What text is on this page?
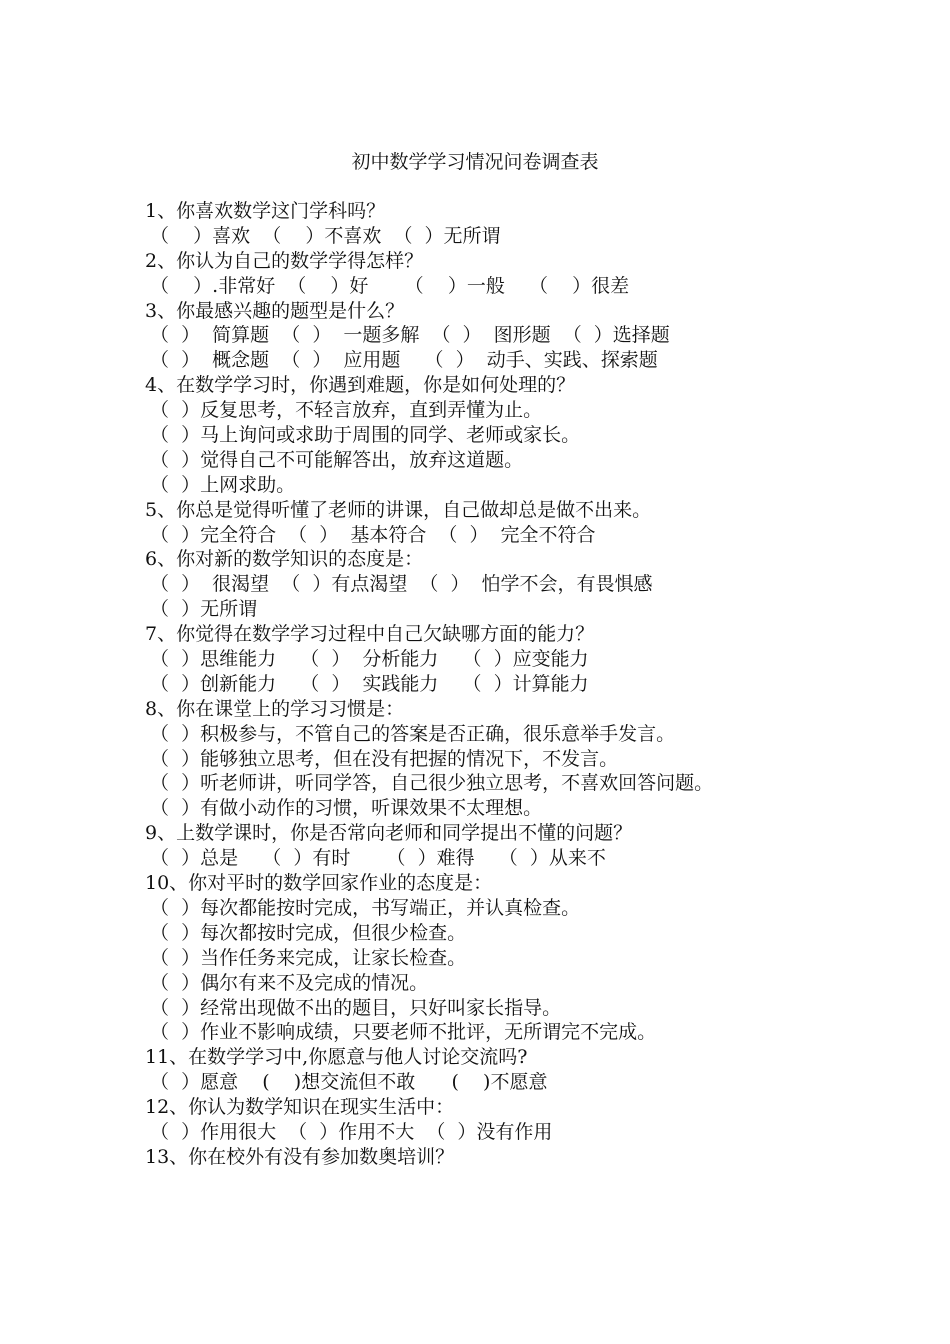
初中数学学习情况问卷调查表
1、你喜欢数学这门学科吗？
（    ）喜欢  （    ）不喜欢  （  ）无所谓
2、你认为自己的数学学得怎样？
（    ）.非常好  （    ）好      （    ）一般    （    ）很差
3、你最感兴趣的题型是什么？
（  ）  简算题  （  ）  一题多解  （  ）  图形题  （  ）选择题
（  ）  概念题  （  ）  应用题    （  ）  动手、实践、探索题
4、在数学学习时，你遇到难题，你是如何处理的？
（  ）反复思考，不轻言放弃，直到弄懂为止。
（  ）马上询问或求助于周围的同学、老师或家长。
（  ）觉得自己不可能解答出，放弃这道题。
（  ）上网求助。
5、你总是觉得听懂了老师的讲课，自己做却总是做不出来。
（  ）完全符合  （  ）  基本符合  （  ）  完全不符合
6、你对新的数学知识的态度是：
（  ）  很渴望  （  ）有点渴望  （  ）  怕学不会，有畏惧感
（  ）无所谓
7、你觉得在数学学习过程中自己欠缺哪方面的能力？
（  ）思维能力    （  ）  分析能力    （  ）应变能力
（  ）创新能力    （  ）  实践能力    （  ）计算能力
8、你在课堂上的学习习惯是：
（  ）积极参与，不管自己的答案是否正确，很乐意举手发言。
（  ）能够独立思考，但在没有把握的情况下，不发言。
（  ）听老师讲，听同学答，自己很少独立思考，不喜欢回答问题。
（  ）有做小动作的习惯，听课效果不太理想。
9、上数学课时，你是否常向老师和同学提出不懂的问题？
（  ）总是    （  ）有时      （  ）难得    （  ）从来不
10、你对平时的数学回家作业的态度是：
（  ）每次都能按时完成，书写端正，并认真检查。
（  ）每次都按时完成，但很少检查。
（  ）当作任务来完成，让家长检查。
（  ）偶尔有来不及完成的情况。
（  ）经常出现做不出的题目，只好叫家长指导。
（  ）作业不影响成绩，只要老师不批评，无所谓完不完成。
11、在数学学习中,你愿意与他人讨论交流吗?
（  ）愿意    (    )想交流但不敢      (    )不愿意
12、你认为数学知识在现实生活中：
（  ）作用很大  （  ）作用不大  （  ）没有作用
13、你在校外有没有参加数奥培训？
